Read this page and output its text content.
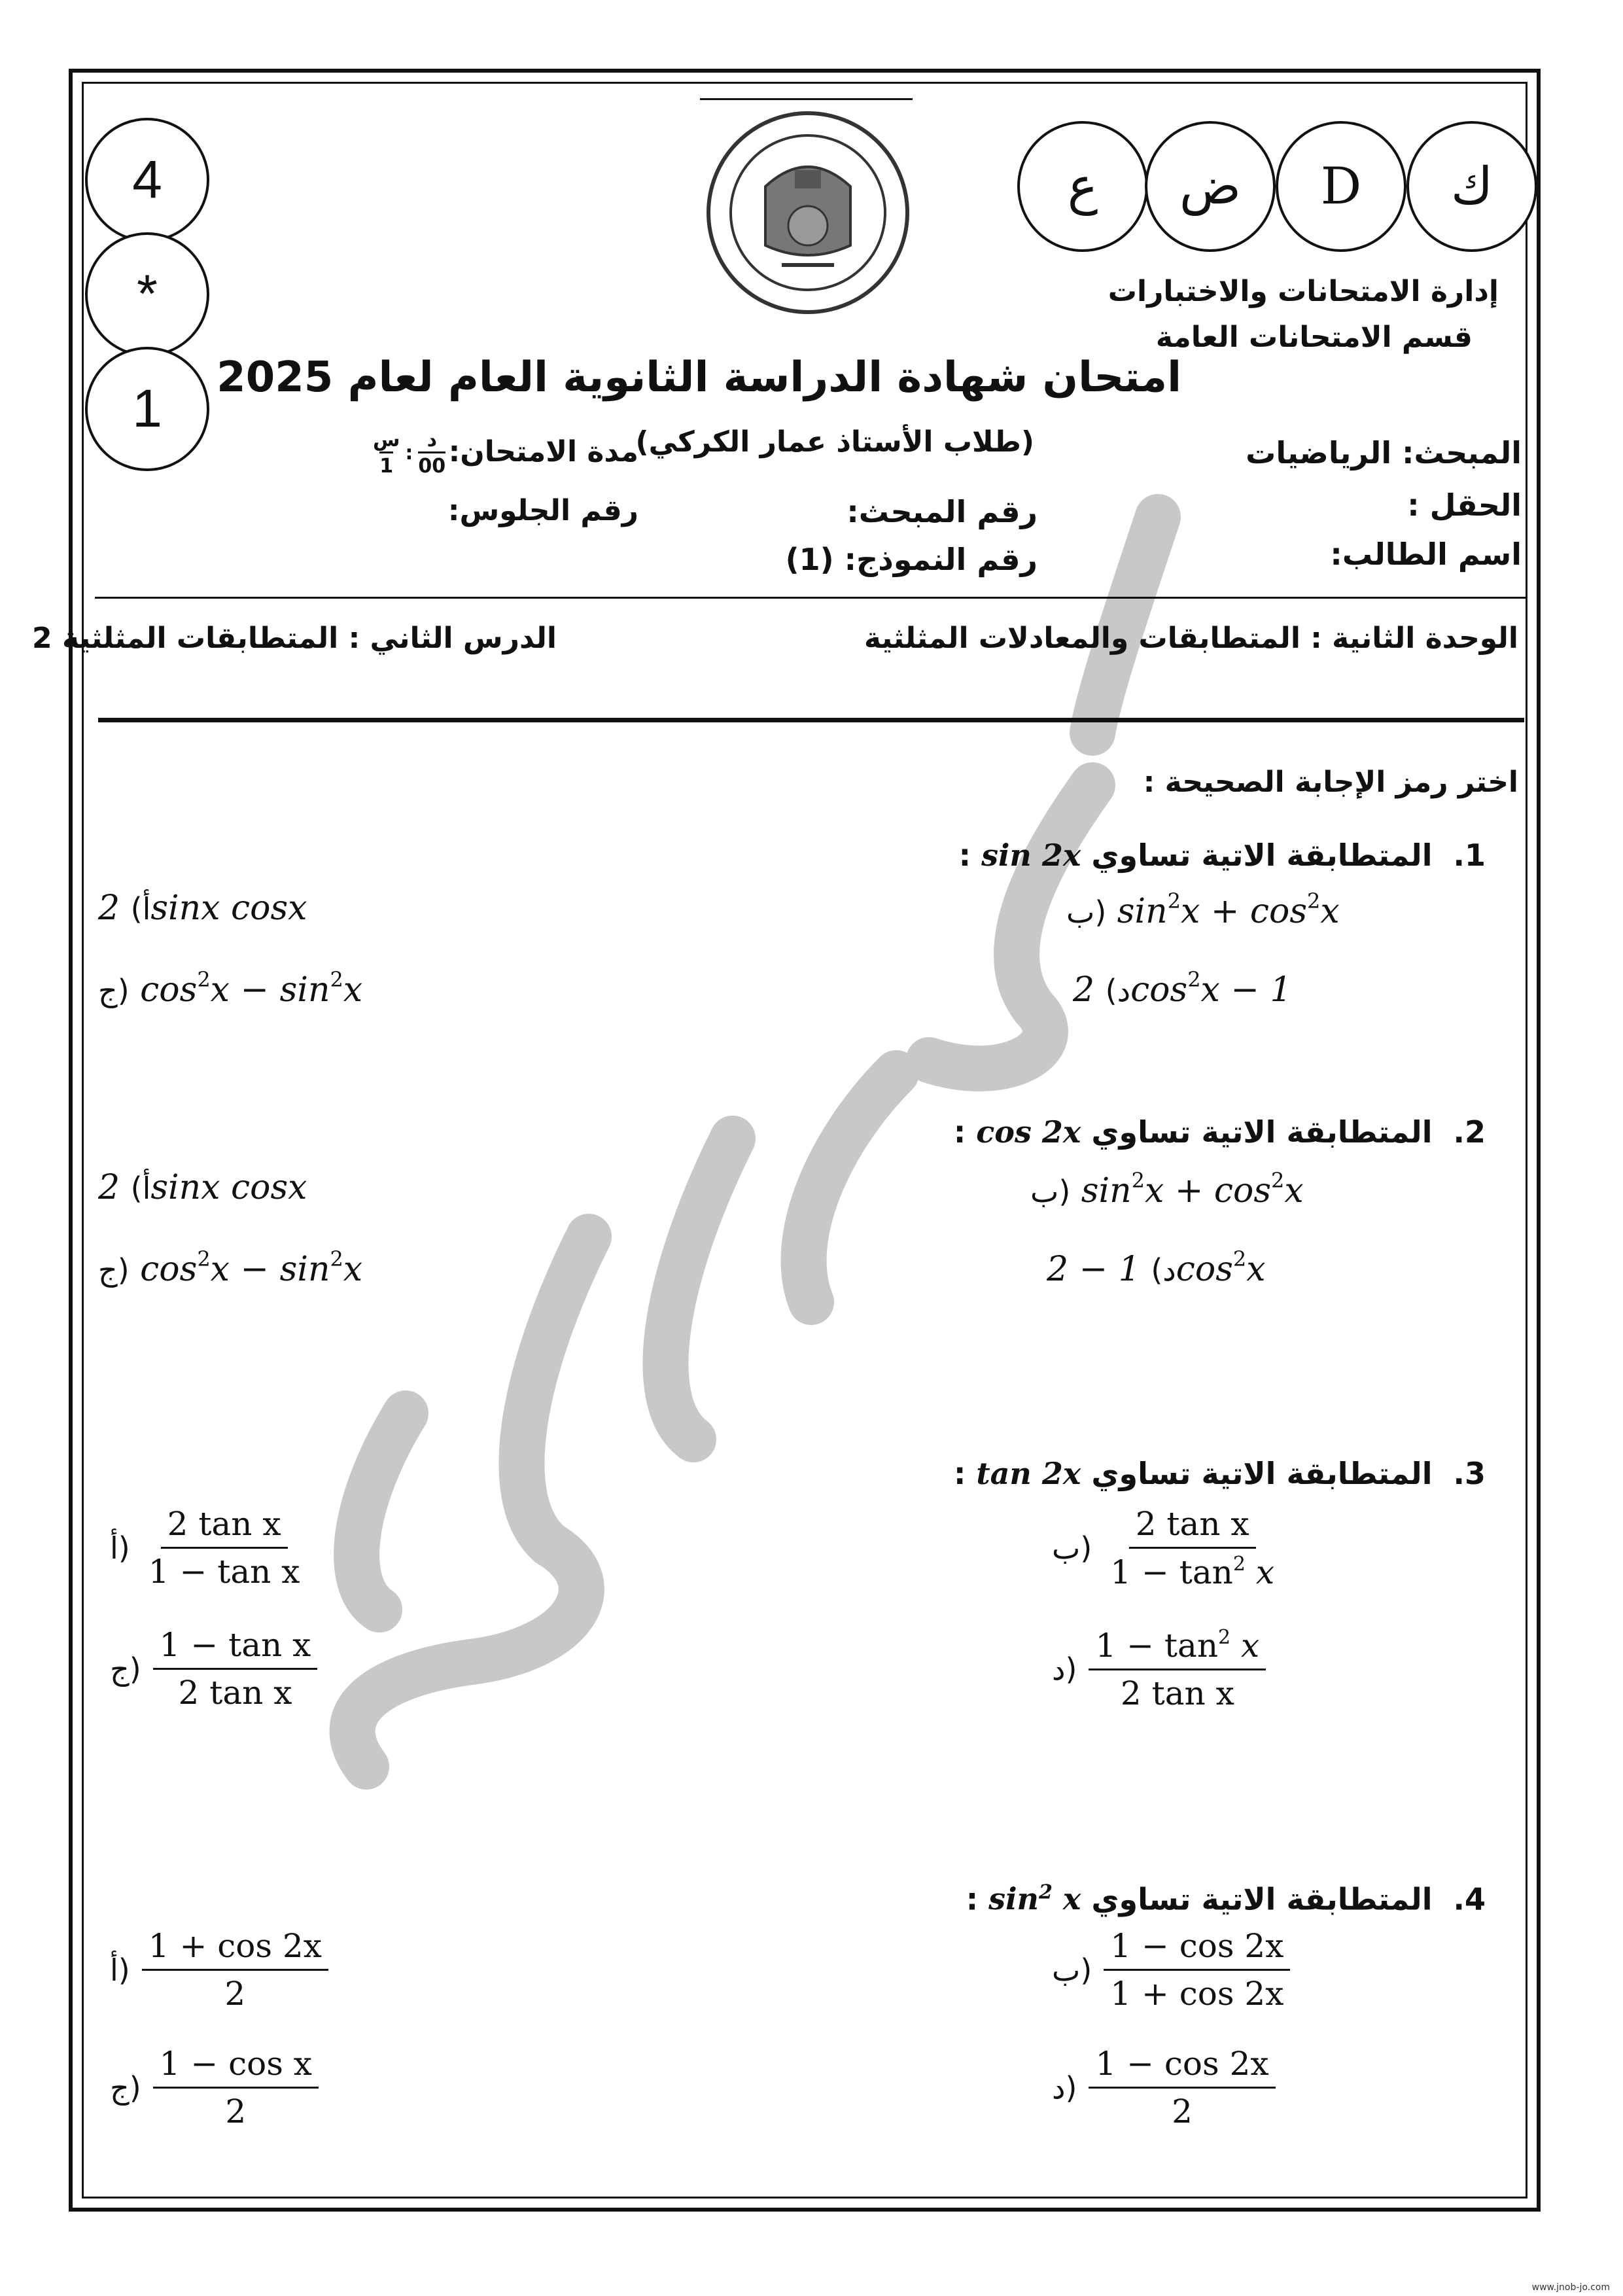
4
*
1
ع ض D ك
إدارة الامتحانات والاختبارات
قسم الامتحانات العامة
امتحان شهادة الدراسة الثانوية العام لعام 2025
(طلاب الأستاذ عمار الكركي)	المبحث: الرياضيات
الحقل :
اسم الطالب:
رقم المبحث:
رقم النموذج: (1)
مدة الامتحان:
س
1
:
د
00
رقم الجلوس:
الوحدة الثانية : المتطابقات والمعادلات المثلثية
الدرس الثاني : المتطابقات المثلثية 2
اختر رمز الإجابة الصحيحة :
1.  المتطابقة الاتية تساوي sin 2x :
أ) 2sinx cosx	ب) $\sin^2x + \cos^2x$
ج) $\cos^2x - \sin^2x$	د) $2\cos^2x - 1$
2.  المتطابقة الاتية تساوي cos 2x :
أ) 2sinx cosx	ب) $\sin^2x + \cos^2x$
ج) $\cos^2x - \sin^2x$	د) $1 - 2\cos^2x$
3.  المتطابقة الاتية تساوي tan 2x :
أ)
2 tan x
1 − tan x
ب)
2 tan x
$1 - \tan^2 x$
ج)
1 − tan x
2 tan x
د)
$1 - \tan^2 x$
2 tan x
4.  المتطابقة الاتية تساوي $\sin^2 x$ :
أ)
1 + cos 2x
2
ب)
1 − cos 2x
1 + cos 2x
ج)
1 − cos x
2
د)
1 − cos 2x
2
www.jnob-jo.com
